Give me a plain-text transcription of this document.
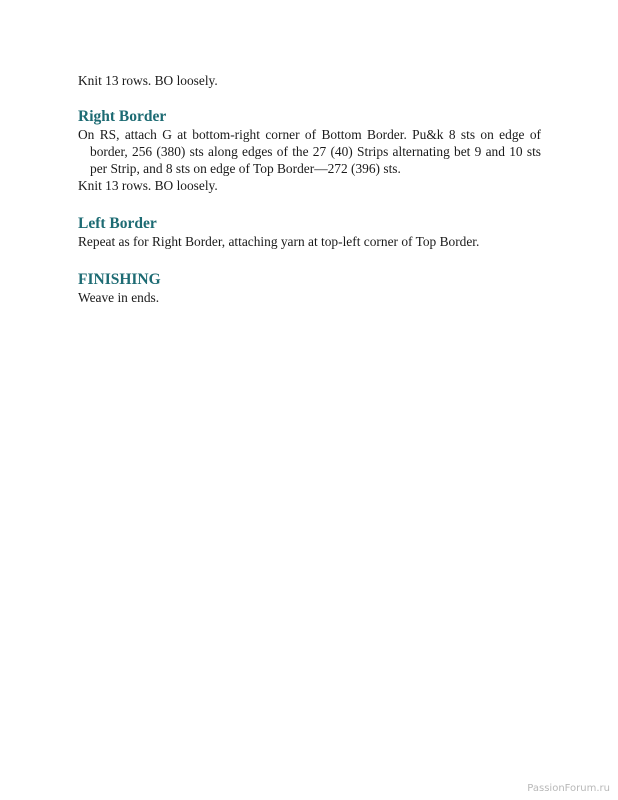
Knit 13 rows. BO loosely.

Right Border

On RS, attach G at bottom-right corner of Bottom Border. Pu&k 8 sts on edge of border, 256 (380) sts along edges of the 27 (40) Strips alternating bet 9 and 10 sts per Strip, and 8 sts on edge of Top Border—272 (396) sts.

Knit 13 rows. BO loosely.

Left Border

Repeat as for Right Border, attaching yarn at top-left corner of Top Border.

FINISHING

Weave in ends.

PassionForum.ru
